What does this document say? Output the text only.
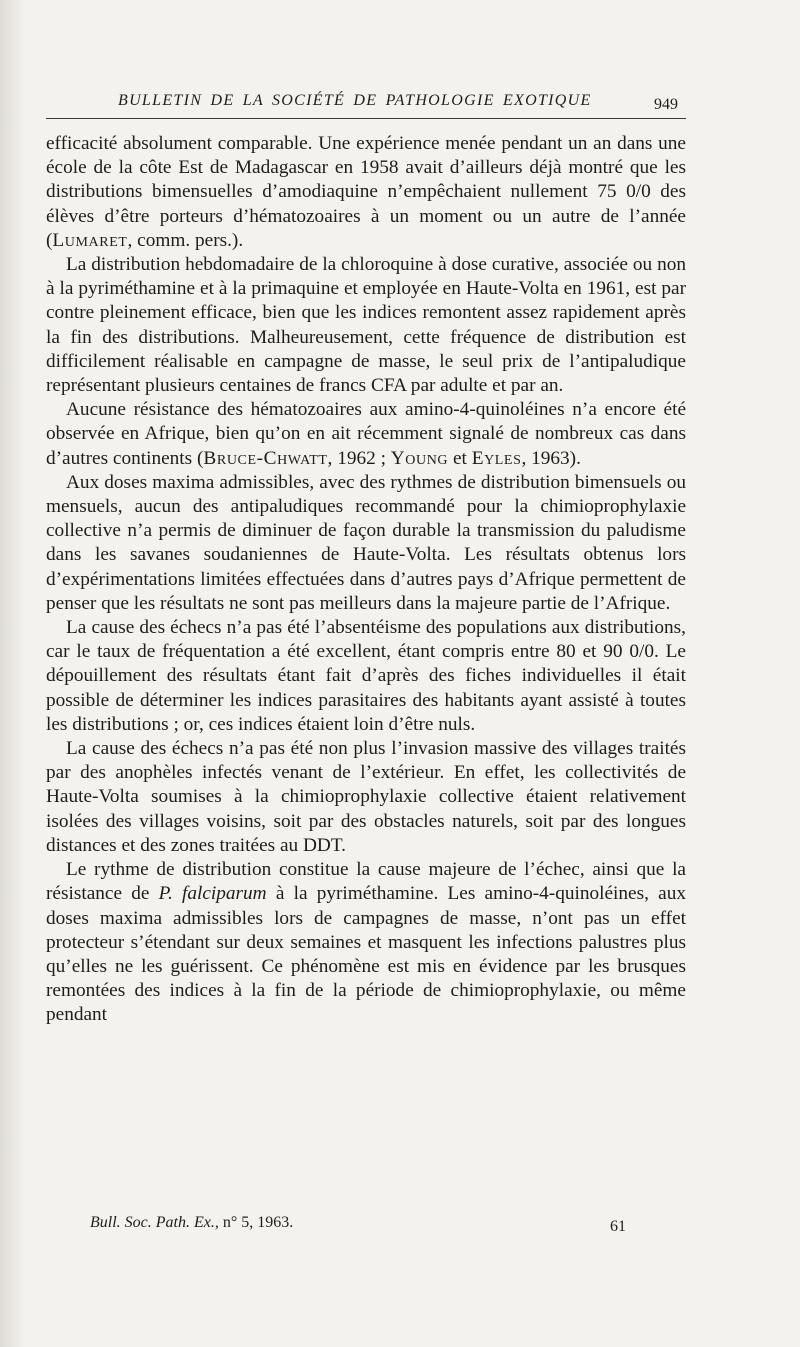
BULLETIN DE LA SOCIÉTÉ DE PATHOLOGIE EXOTIQUE	949

efficacité absolument comparable. Une expérience menée pendant un an dans une école de la côte Est de Madagascar en 1958 avait d’ailleurs déjà montré que les distributions bimensuelles d’amodiaquine n’empêchaient nullement 75 0/0 des élèves d’être porteurs d’hématozoaires à un moment ou un autre de l’année (Lumaret, comm. pers.).

La distribution hebdomadaire de la chloroquine à dose curative, associée ou non à la pyriméthamine et à la primaquine et employée en Haute-Volta en 1961, est par contre pleinement efficace, bien que les indices remontent assez rapidement après la fin des distributions. Malheureusement, cette fréquence de distribution est difficilement réalisable en campagne de masse, le seul prix de l’antipaludique représentant plusieurs centaines de francs CFA par adulte et par an.

Aucune résistance des hématozoaires aux amino-4-quinoléines n’a encore été observée en Afrique, bien qu’on en ait récemment signalé de nombreux cas dans d’autres continents (Bruce-Chwatt, 1962 ; Young et Eyles, 1963).

Aux doses maxima admissibles, avec des rythmes de distribution bimensuels ou mensuels, aucun des antipaludiques recommandé pour la chimioprophylaxie collective n’a permis de diminuer de façon durable la transmission du paludisme dans les savanes soudaniennes de Haute-Volta. Les résultats obtenus lors d’expérimentations limitées effectuées dans d’autres pays d’Afrique permettent de penser que les résultats ne sont pas meilleurs dans la majeure partie de l’Afrique.

La cause des échecs n’a pas été l’absentéisme des populations aux distributions, car le taux de fréquentation a été excellent, étant compris entre 80 et 90 0/0. Le dépouillement des résultats étant fait d’après des fiches individuelles il était possible de déterminer les indices parasitaires des habitants ayant assisté à toutes les distributions ; or, ces indices étaient loin d’être nuls.

La cause des échecs n’a pas été non plus l’invasion massive des villages traités par des anophèles infectés venant de l’extérieur. En effet, les collectivités de Haute-Volta soumises à la chimioprophylaxie collective étaient relativement isolées des villages voisins, soit par des obstacles naturels, soit par des longues distances et des zones traitées au DDT.

Le rythme de distribution constitue la cause majeure de l’échec, ainsi que la résistance de P. falciparum à la pyriméthamine. Les amino-4-quinoléines, aux doses maxima admissibles lors de campagnes de masse, n’ont pas un effet protecteur s’étendant sur deux semaines et masquent les infections palustres plus qu’elles ne les guérissent. Ce phénomène est mis en évidence par les brusques remontées des indices à la fin de la période de chimioprophylaxie, ou même pendant

Bull. Soc. Path. Ex., n° 5, 1963.	61
